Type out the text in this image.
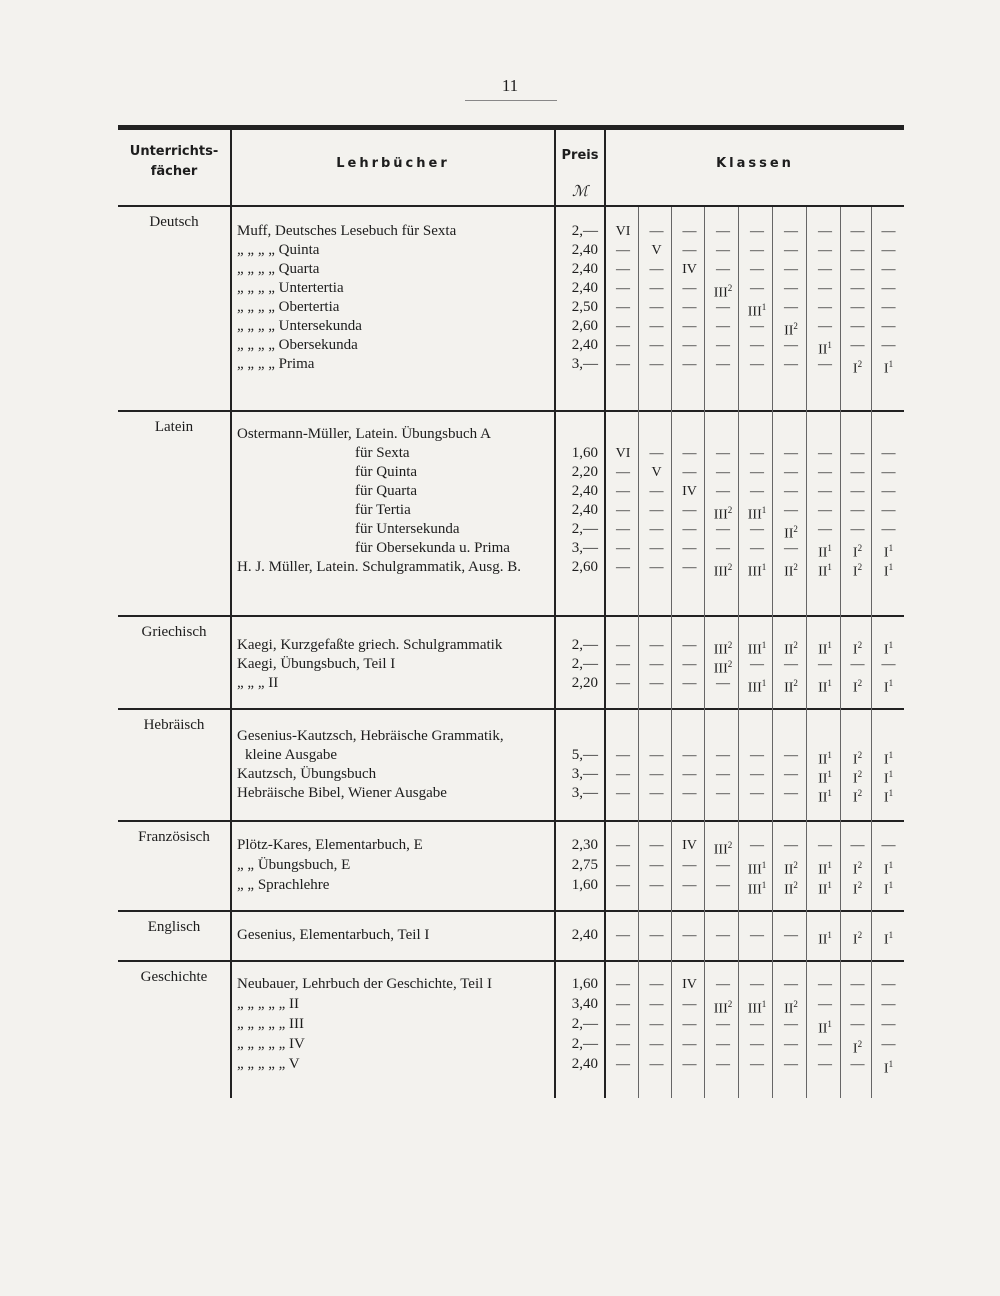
11
Unterrichts-
fächer
Lehrbücher
Preis
ℳ
Klassen
Deutsch
Muff, Deutsches Lesebuch für Sexta	2,—	VI	—	—	—	—	—	—	—	—
„ „ „ „ Quinta	2,40	—	V	—	—	—	—	—	—	—
„ „ „ „ Quarta	2,40	—	—	IV	—	—	—	—	—	—
„ „ „ „ Untertertia	2,40	—	—	—	III$^2$	—	—	—	—	—
„ „ „ „ Obertertia	2,50	—	—	—	—	III$^1$	—	—	—	—
„ „ „ „ Untersekunda	2,60	—	—	—	—	—	$II^2$	—	—	—
„ „ „ „ Obersekunda	2,40	—	—	—	—	—	—	$II^1$	—	—
„ „ „ „ Prima	3,—	—	—	—	—	—	—	—	$I^2$	$I^1$
Latein	Ostermann-Müller, Latein. Übungsbuch A
für Sexta	1,60	VI	—	—	—	—	—	—	—	—
für Quinta	2,20	—	V	—	—	—	—	—	—	—
für Quarta	2,40	—	—	IV	—	—	—	—	—	—
für Tertia	2,40	—	—	—	III$^2$	III$^1$	—	—	—	—
für Untersekunda	2,—	—	—	—	—	—	$II^2$	—	—	—
für Obersekunda u. Prima	3,—	—	—	—	—	—	—	$II^1$	$I^2$	$I^1$
H. J. Müller, Latein. Schulgrammatik, Ausg. B.	2,60	—	—	—	III$^2$	III$^1$	$II^2$	$II^1$	$I^2$	$I^1$
Griechisch
Kaegi, Kurzgefaßte griech. Schulgrammatik	2,—	—	—	—	III$^2$	III$^1$	$II^2$	$II^1$	$I^2$	$I^1$
Kaegi, Übungsbuch, Teil I	2,—	—	—	—	III$^2$	—	—	—	—	—
„ „ „ II	2,20	—	—	—	—	III$^1$	$II^2$	$II^1$	$I^2$	$I^1$
Hebräisch
Gesenius-Kautzsch, Hebräische Grammatik,
kleine Ausgabe	5,—	—	—	—	—	—	—	$II^1$	$I^2$	$I^1$
Kautzsch, Übungsbuch	3,—	—	—	—	—	—	—	$II^1$	$I^2$	$I^1$
Hebräische Bibel, Wiener Ausgabe	3,—	—	—	—	—	—	—	$II^1$	$I^2$	$I^1$
Französisch	Plötz-Kares, Elementarbuch, E	2,30	—	—	IV	III$^2$	—	—	—	—	—
„ „ Übungsbuch, E	2,75	—	—	—	—	III$^1$	$II^2$	$II^1$	$I^2$	$I^1$
„ „ Sprachlehre	1,60	—	—	—	—	III$^1$	$II^2$	$II^1$	$I^2$	$I^1$
Englisch	Gesenius, Elementarbuch, Teil I	2,40	—	—	—	—	—	—	$II^1$	$I^2$	$I^1$
Geschichte	Neubauer, Lehrbuch der Geschichte, Teil I	1,60	—	—	IV	—	—	—	—	—	—
„ „ „ „ „ II	3,40	—	—	—	III$^2$	III$^1$	$II^2$	—	—	—
„ „ „ „ „ III	2,—	—	—	—	—	—	—	$II^1$	—	—
„ „ „ „ „ IV	2,—	—	—	—	—	—	—	—	$I^2$	—
„ „ „ „ „ V	2,40	—	—	—	—	—	—	—	—	$I^1$
